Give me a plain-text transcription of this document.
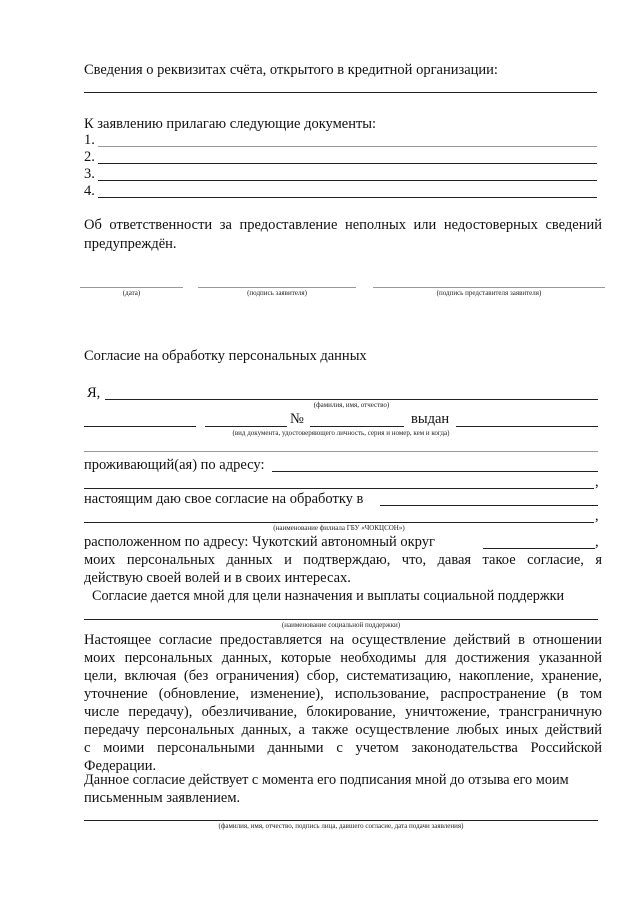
Сведения о реквизитах счёта, открытого в кредитной организации:
К заявлению прилагаю следующие документы:
1.
2.
3.
4.
Об ответственности за предоставление неполных или недостоверных сведений
предупреждён.
(дата)	(подпись заявителя)	(подпись представителя заявителя)
Согласие на обработку персональных данных
Я,
(фамилия, имя, отчество)
№	выдан
(вид документа, удостоверяющего личность, серия и номер, кем и когда)
проживающий(ая) по адресу:
,
настоящим даю свое согласие на обработку в
,
(наименование филиала ГБУ «ЧОКЦСОН»)
расположенном по адресу: Чукотский автономный округ	,
моих персональных данных и подтверждаю, что, давая такое согласие, я
действую своей волей и в своих интересах.
Согласие дается мной для цели назначения и выплаты социальной поддержки
(наименование социальной поддержки)
Настоящее согласие предоставляется на осуществление действий в отношении
моих персональных данных, которые необходимы для достижения указанной
цели, включая (без ограничения) сбор, систематизацию, накопление, хранение,
уточнение (обновление, изменение), использование, распространение (в том
числе передачу), обезличивание, блокирование, уничтожение, трансграничную
передачу персональных данных, а также осуществление любых иных действий
с моими персональными данными с учетом законодательства Российской
Федерации.
Данное согласие действует с момента его подписания мной до отзыва его моим
письменным заявлением.
(фамилия, имя, отчество, подпись лица, давшего согласие, дата подачи заявления)
